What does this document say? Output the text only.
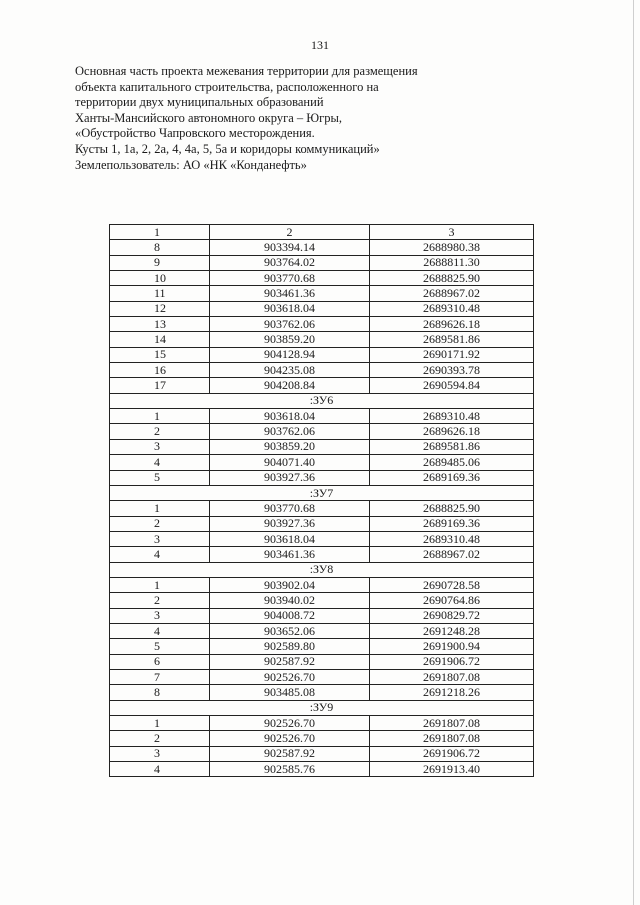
131
Основная часть проекта межевания территории для размещения
объекта капитального строительства, расположенного на
территории двух муниципальных образований
Ханты-Мансийского автономного округа – Югры,
«Обустройство Чапровского месторождения.
Кусты 1, 1а, 2, 2а, 4, 4а, 5, 5а и коридоры коммуникаций»
Землепользователь: АО «НК «Конданефть»
1	2	3
8	903394.14	2688980.38
9	903764.02	2688811.30
10	903770.68	2688825.90
11	903461.36	2688967.02
12	903618.04	2689310.48
13	903762.06	2689626.18
14	903859.20	2689581.86
15	904128.94	2690171.92
16	904235.08	2690393.78
17	904208.84	2690594.84
:ЗУ6		
1	903618.04	2689310.48
2	903762.06	2689626.18
3	903859.20	2689581.86
4	904071.40	2689485.06
5	903927.36	2689169.36
:ЗУ7		
1	903770.68	2688825.90
2	903927.36	2689169.36
3	903618.04	2689310.48
4	903461.36	2688967.02
:ЗУ8		
1	903902.04	2690728.58
2	903940.02	2690764.86
3	904008.72	2690829.72
4	903652.06	2691248.28
5	902589.80	2691900.94
6	902587.92	2691906.72
7	902526.70	2691807.08
8	903485.08	2691218.26
:ЗУ9		
1	902526.70	2691807.08
2	902526.70	2691807.08
3	902587.92	2691906.72
4	902585.76	2691913.40
